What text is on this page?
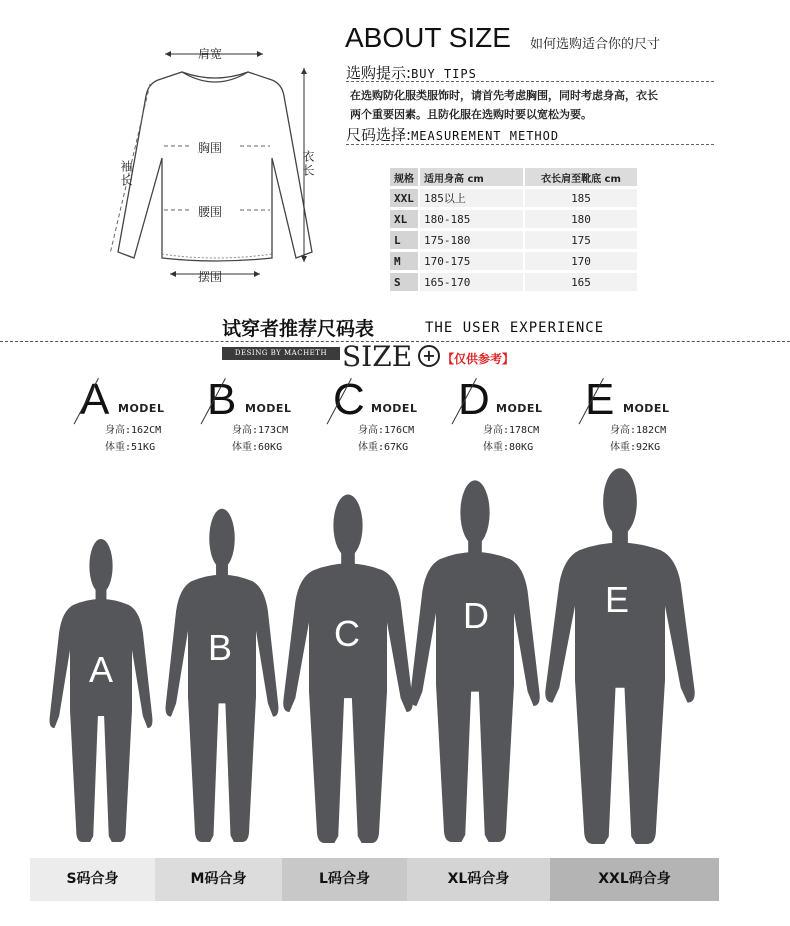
肩宽
胸围
腰围
摆围
袖长	衣长
ABOUT SIZE 如何选购适合你的尺寸
选购提示:BUY TIPS
在选购防化服类服饰时，请首先考虑胸围，同时考虑身高，衣长
两个重要因素。且防化服在选购时要以宽松为要。
尺码选择:MEASUREMENT METHOD
规格	适用身高 cm	衣长肩至靴底 cm
XXL	185以上	185
XL	180-185	180
L	175-180	175
M	170-175	170
S	165-170	165
试穿者推荐尺码表	THE USER EXPERIENCE
DESING BY MACHETH SIZE + 【仅供参考】
A MODEL
身高:162CM
体重:51KG
B MODEL
身高:173CM
体重:60KG
C MODEL
身高:176CM
体重:67KG
D MODEL
身高:178CM
体重:80KG
E MODEL
身高:182CM
体重:92KG
A
B	C	D	E
S码合身	M码合身	L码合身	XL码合身	XXL码合身
